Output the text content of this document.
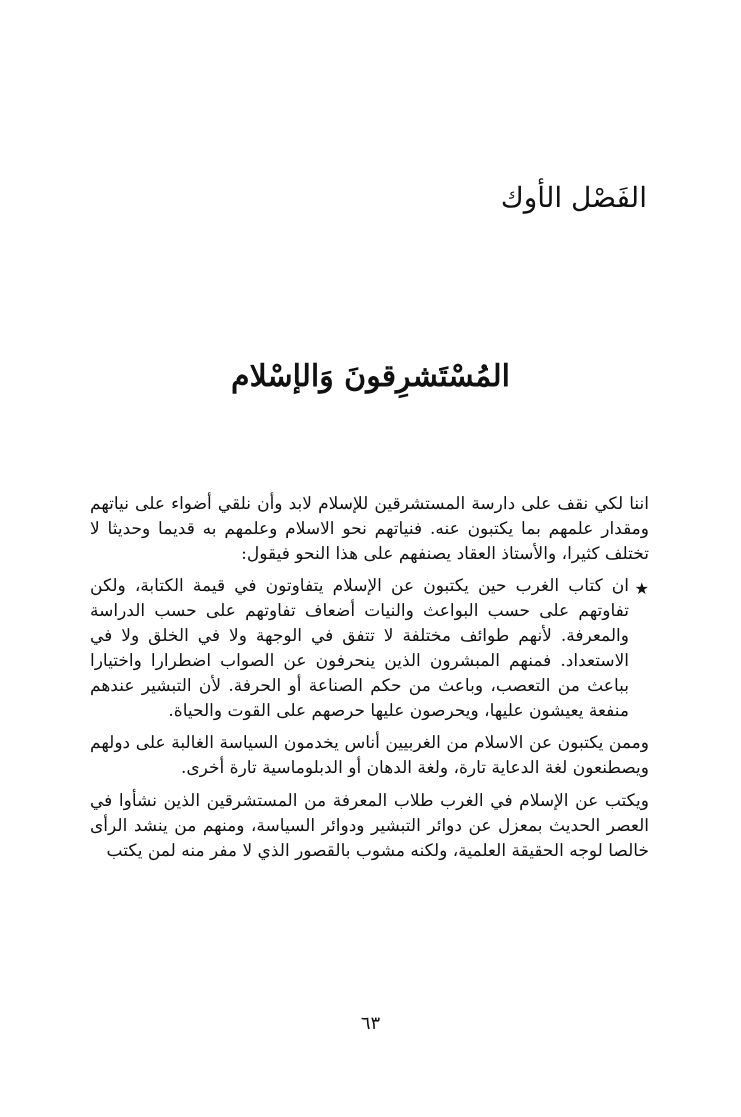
الفَصْل الأوك
المُسْتَشرِقونَ وَالإسْلام

اننا لكي نقف على دارسة المستشرقين للإسلام لابد وأن نلقي أضواء على نياتهم ومقدار علمهم بما يكتبون عنه. فنياتهم نحو الاسلام وعلمهم به قديما وحديثا لا تختلف كثيرا، والأستاذ العقاد يصنفهم على هذا النحو فيقول:

★
ان كتاب الغرب حين يكتبون عن الإسلام يتفاوتون في قيمة الكتابة، ولكن تفاوتهم على حسب البواعث والنيات أضعاف تفاوتهم على حسب الدراسة والمعرفة. لأنهم طوائف مختلفة لا تتفق في الوجهة ولا في الخلق ولا في الاستعداد. فمنهم المبشرون الذين ينحرفون عن الصواب اضطرارا واختيارا بباعث من التعصب، وباعث من حكم الصناعة أو الحرفة. لأن التبشير عندهم منفعة يعيشون عليها، ويحرصون عليها حرصهم على القوت والحياة.

وممن يكتبون عن الاسلام من الغربيين أناس يخدمون السياسة الغالبة على دولهم ويصطنعون لغة الدعاية تارة، ولغة الدهان أو الدبلوماسية تارة أخرى.

ويكتب عن الإسلام في الغرب طلاب المعرفة من المستشرقين الذين نشأوا في العصر الحديث بمعزل عن دوائر التبشير ودوائر السياسة، ومنهم من ينشد الرأى خالصا لوجه الحقيقة العلمية، ولكنه مشوب بالقصور الذي لا مفر منه لمن يكتب

٦٣
